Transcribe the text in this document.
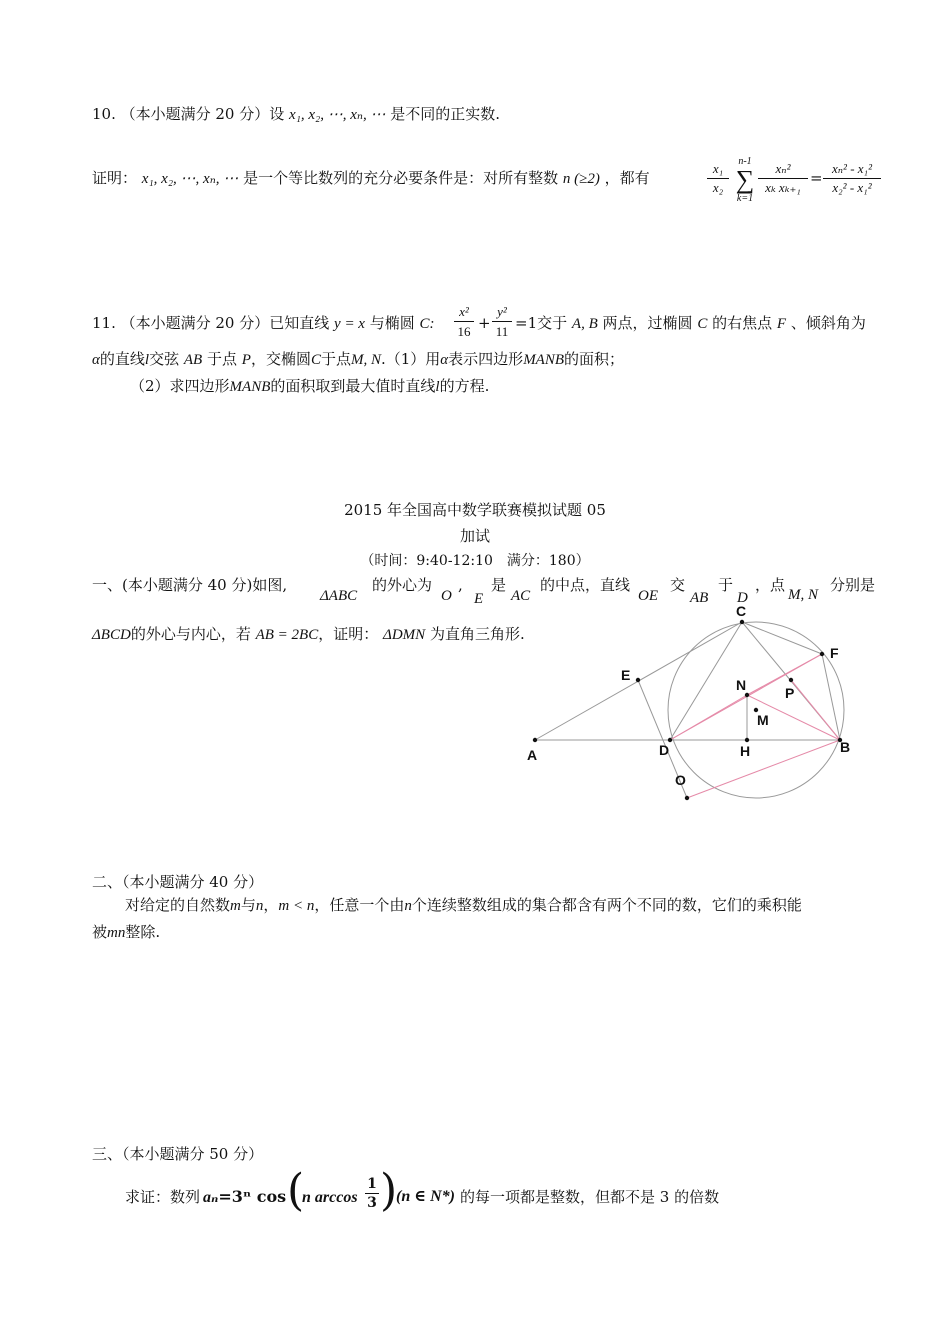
10. （本小题满分 20 分）设 x₁, x₂, ⋯, xₙ, ⋯ 是不同的正实数.
证明： x₁, x₂, ⋯, xₙ, ⋯ 是一个等比数列的充分必要条件是：对所有整数 n (≥2) ，都有
x₁
x₂
n-1
∑
k=1
xₙ²
xₖ xₖ₊₁
=
xₙ² - x₁²
x₂² - x₁²
11. （本小题满分 20 分）已知直线 y = x 与椭圆 C:
x²
16 +
y²
11 =1交于 A, B 两点，过椭圆 C 的右焦点 F 、倾斜角为
α的直线l交弦 AB 于点 P，交椭圆C于点M, N.（1）用α表示四边形MANB的面积；
（2）求四边形MANB的面积取到最大值时直线l的方程.
2015 年全国高中数学联赛模拟试题 05
加试
（时间：9:40-12:10　满分：180）
一、(本小题满分 40 分)如图,
ΔABC
的外心为
O
,
E
是
AC
的中点，直线
OE
交
AB
于
D
，点
M, N
分别是
ΔBCD的外心与内心，若 AB = 2BC，证明： ΔDMN 为直角三角形.
A	B
C
D
E
F
H
M
N
O
P
二、（本小题满分 40 分）
对给定的自然数m与n，m < n，任意一个由n个连续整数组成的集合都含有两个不同的数，它们的乘积能
被mn整除.
三、（本小题满分 50 分）
求证：数列 aₙ=3ⁿ cos (
n arccos
1
3 )
(n ∈ N*) 的每一项都是整数，但都不是 3 的倍数
